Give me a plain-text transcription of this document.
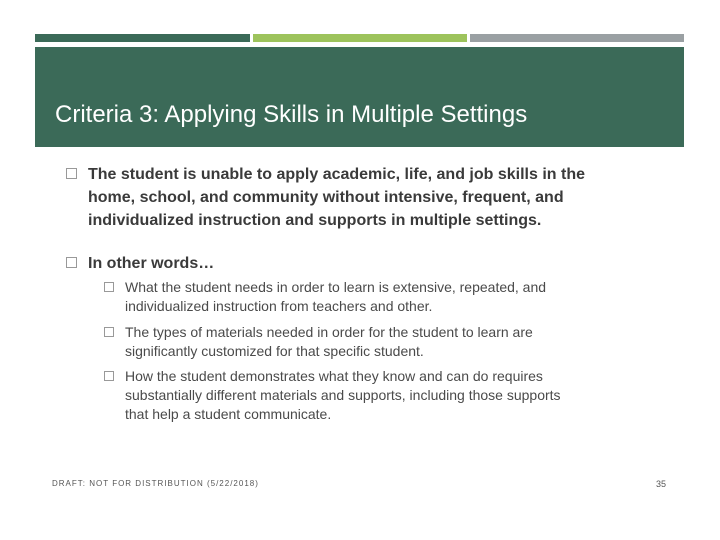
Criteria 3: Applying Skills in Multiple Settings
The student is unable to apply academic, life, and job skills in the home, school, and community without intensive, frequent, and individualized instruction and supports in multiple settings.
In other words…
What the student needs in order to learn is extensive, repeated, and individualized instruction from teachers and other.
The types of materials needed in order for the student to learn are significantly customized for that specific student.
How the student demonstrates what they know and can do requires substantially different materials and supports, including those supports that help a student communicate.
DRAFT: NOT FOR DISTRIBUTION (5/22/2018)	35
